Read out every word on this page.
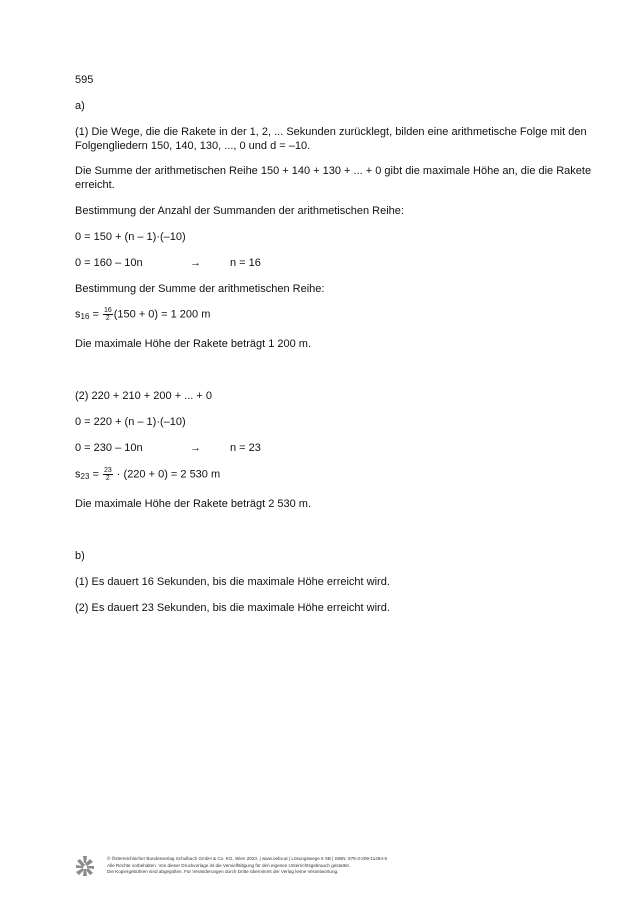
595
a)
(1) Die Wege, die die Rakete in der 1, 2, ... Sekunden zurücklegt, bilden eine arithmetische Folge mit den
Folgengliedern 150, 140, 130, ..., 0 und d = –10.
Die Summe der arithmetischen Reihe 150 + 140 + 130 + ... + 0 gibt die maximale Höhe an, die die Rakete
erreicht.
Bestimmung der Anzahl der Summanden der arithmetischen Reihe:
0 = 150 + (n – 1)·(–10)
0 = 160 – 10n	→	n = 16
Bestimmung der Summe der arithmetischen Reihe:
$s16 = \frac{16}{2} (150 + 0) = 1$ 200 m
Die maximale Höhe der Rakete beträgt 1 200 m.
(2) 220 + 210 + 200 + ... + 0
0 = 220 + (n – 1)·(–10)
0 = 230 – 10n	→	n = 23
$s23 = \frac{23}{2} \cdot (220 + 0) = 2$ 530 m
Die maximale Höhe der Rakete beträgt 2 530 m.
b)
(1) Es dauert 16 Sekunden, bis die maximale Höhe erreicht wird.
(2) Es dauert 23 Sekunden, bis die maximale Höhe erreicht wird.
© Österreichischer Bundesverlag Schulbuch GmbH & Co. KG, Wien 2023. | www.oebv.at | Lösungswege 6 SB | ISBN: 978-3-209-11494-5
Alle Rechte vorbehalten. Von dieser Druckvorlage ist die Vervielfältigung für den eigenen Unterrichtsgebrauch gestattet.
Die Kopiergebühren sind abgegolten. Für Veränderungen durch Dritte übernimmt der Verlag keine Verantwortung.
